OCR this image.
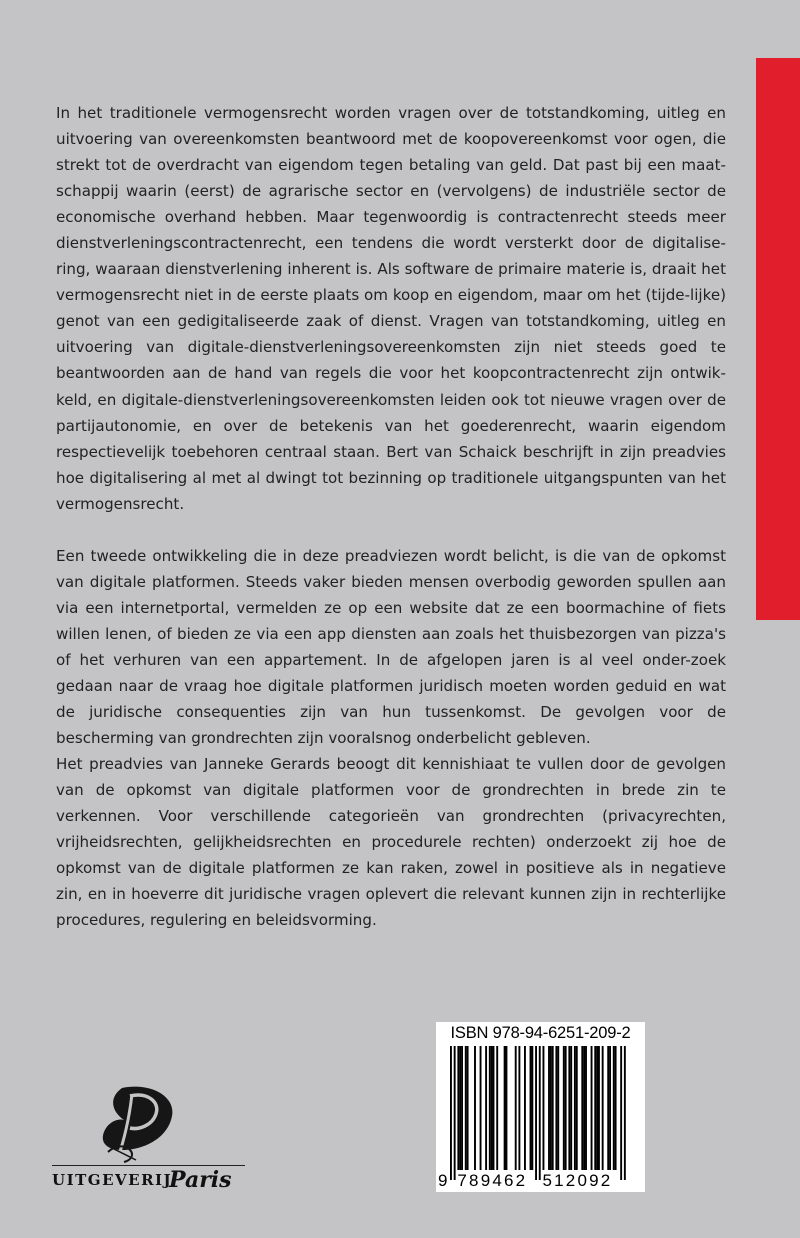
In het traditionele vermogensrecht worden vragen over de totstandkoming, uitleg en uitvoering van overeenkomsten beantwoord met de koopovereenkomst voor ogen, die strekt tot de overdracht van eigendom tegen betaling van geld. Dat past bij een maat-schappij waarin (eerst) de agrarische sector en (vervolgens) de industriële sector de economische overhand hebben. Maar tegenwoordig is contractenrecht steeds meer dienstverleningscontractenrecht, een tendens die wordt versterkt door de digitalise-ring, waaraan dienstverlening inherent is. Als software de primaire materie is, draait het vermogensrecht niet in de eerste plaats om koop en eigendom, maar om het (tijde-lijke) genot van een gedigitaliseerde zaak of dienst. Vragen van totstandkoming, uitleg en uitvoering van digitale-dienstverleningsovereenkomsten zijn niet steeds goed te beantwoorden aan de hand van regels die voor het koopcontractenrecht zijn ontwik-keld, en digitale-dienstverleningsovereenkomsten leiden ook tot nieuwe vragen over de partijautonomie, en over de betekenis van het goederenrecht, waarin eigendom respectievelijk toebehoren centraal staan. Bert van Schaick beschrijft in zijn preadvies hoe digitalisering al met al dwingt tot bezinning op traditionele uitgangspunten van het vermogensrecht.

Een tweede ontwikkeling die in deze preadviezen wordt belicht, is die van de opkomst van digitale platformen. Steeds vaker bieden mensen overbodig geworden spullen aan via een internetportal, vermelden ze op een website dat ze een boormachine of fiets willen lenen, of bieden ze via een app diensten aan zoals het thuisbezorgen van pizza's of het verhuren van een appartement. In de afgelopen jaren is al veel onder-zoek gedaan naar de vraag hoe digitale platformen juridisch moeten worden geduid en wat de juridische consequenties zijn van hun tussenkomst. De gevolgen voor de bescherming van grondrechten zijn vooralsnog onderbelicht gebleven.

Het preadvies van Janneke Gerards beoogt dit kennishiaat te vullen door de gevolgen van de opkomst van digitale platformen voor de grondrechten in brede zin te verkennen. Voor verschillende categorieën van grondrechten (privacyrechten, vrijheidsrechten, gelijkheidsrechten en procedurele rechten) onderzoekt zij hoe de opkomst van de digitale platformen ze kan raken, zowel in positieve als in negatieve zin, en in hoeverre dit juridische vragen oplevert die relevant kunnen zijn in rechterlijke procedures, regulering en beleidsvorming.

UITGEVERIJ
Paris
ISBN 978-94-6251-209-2
9 789462 512092
